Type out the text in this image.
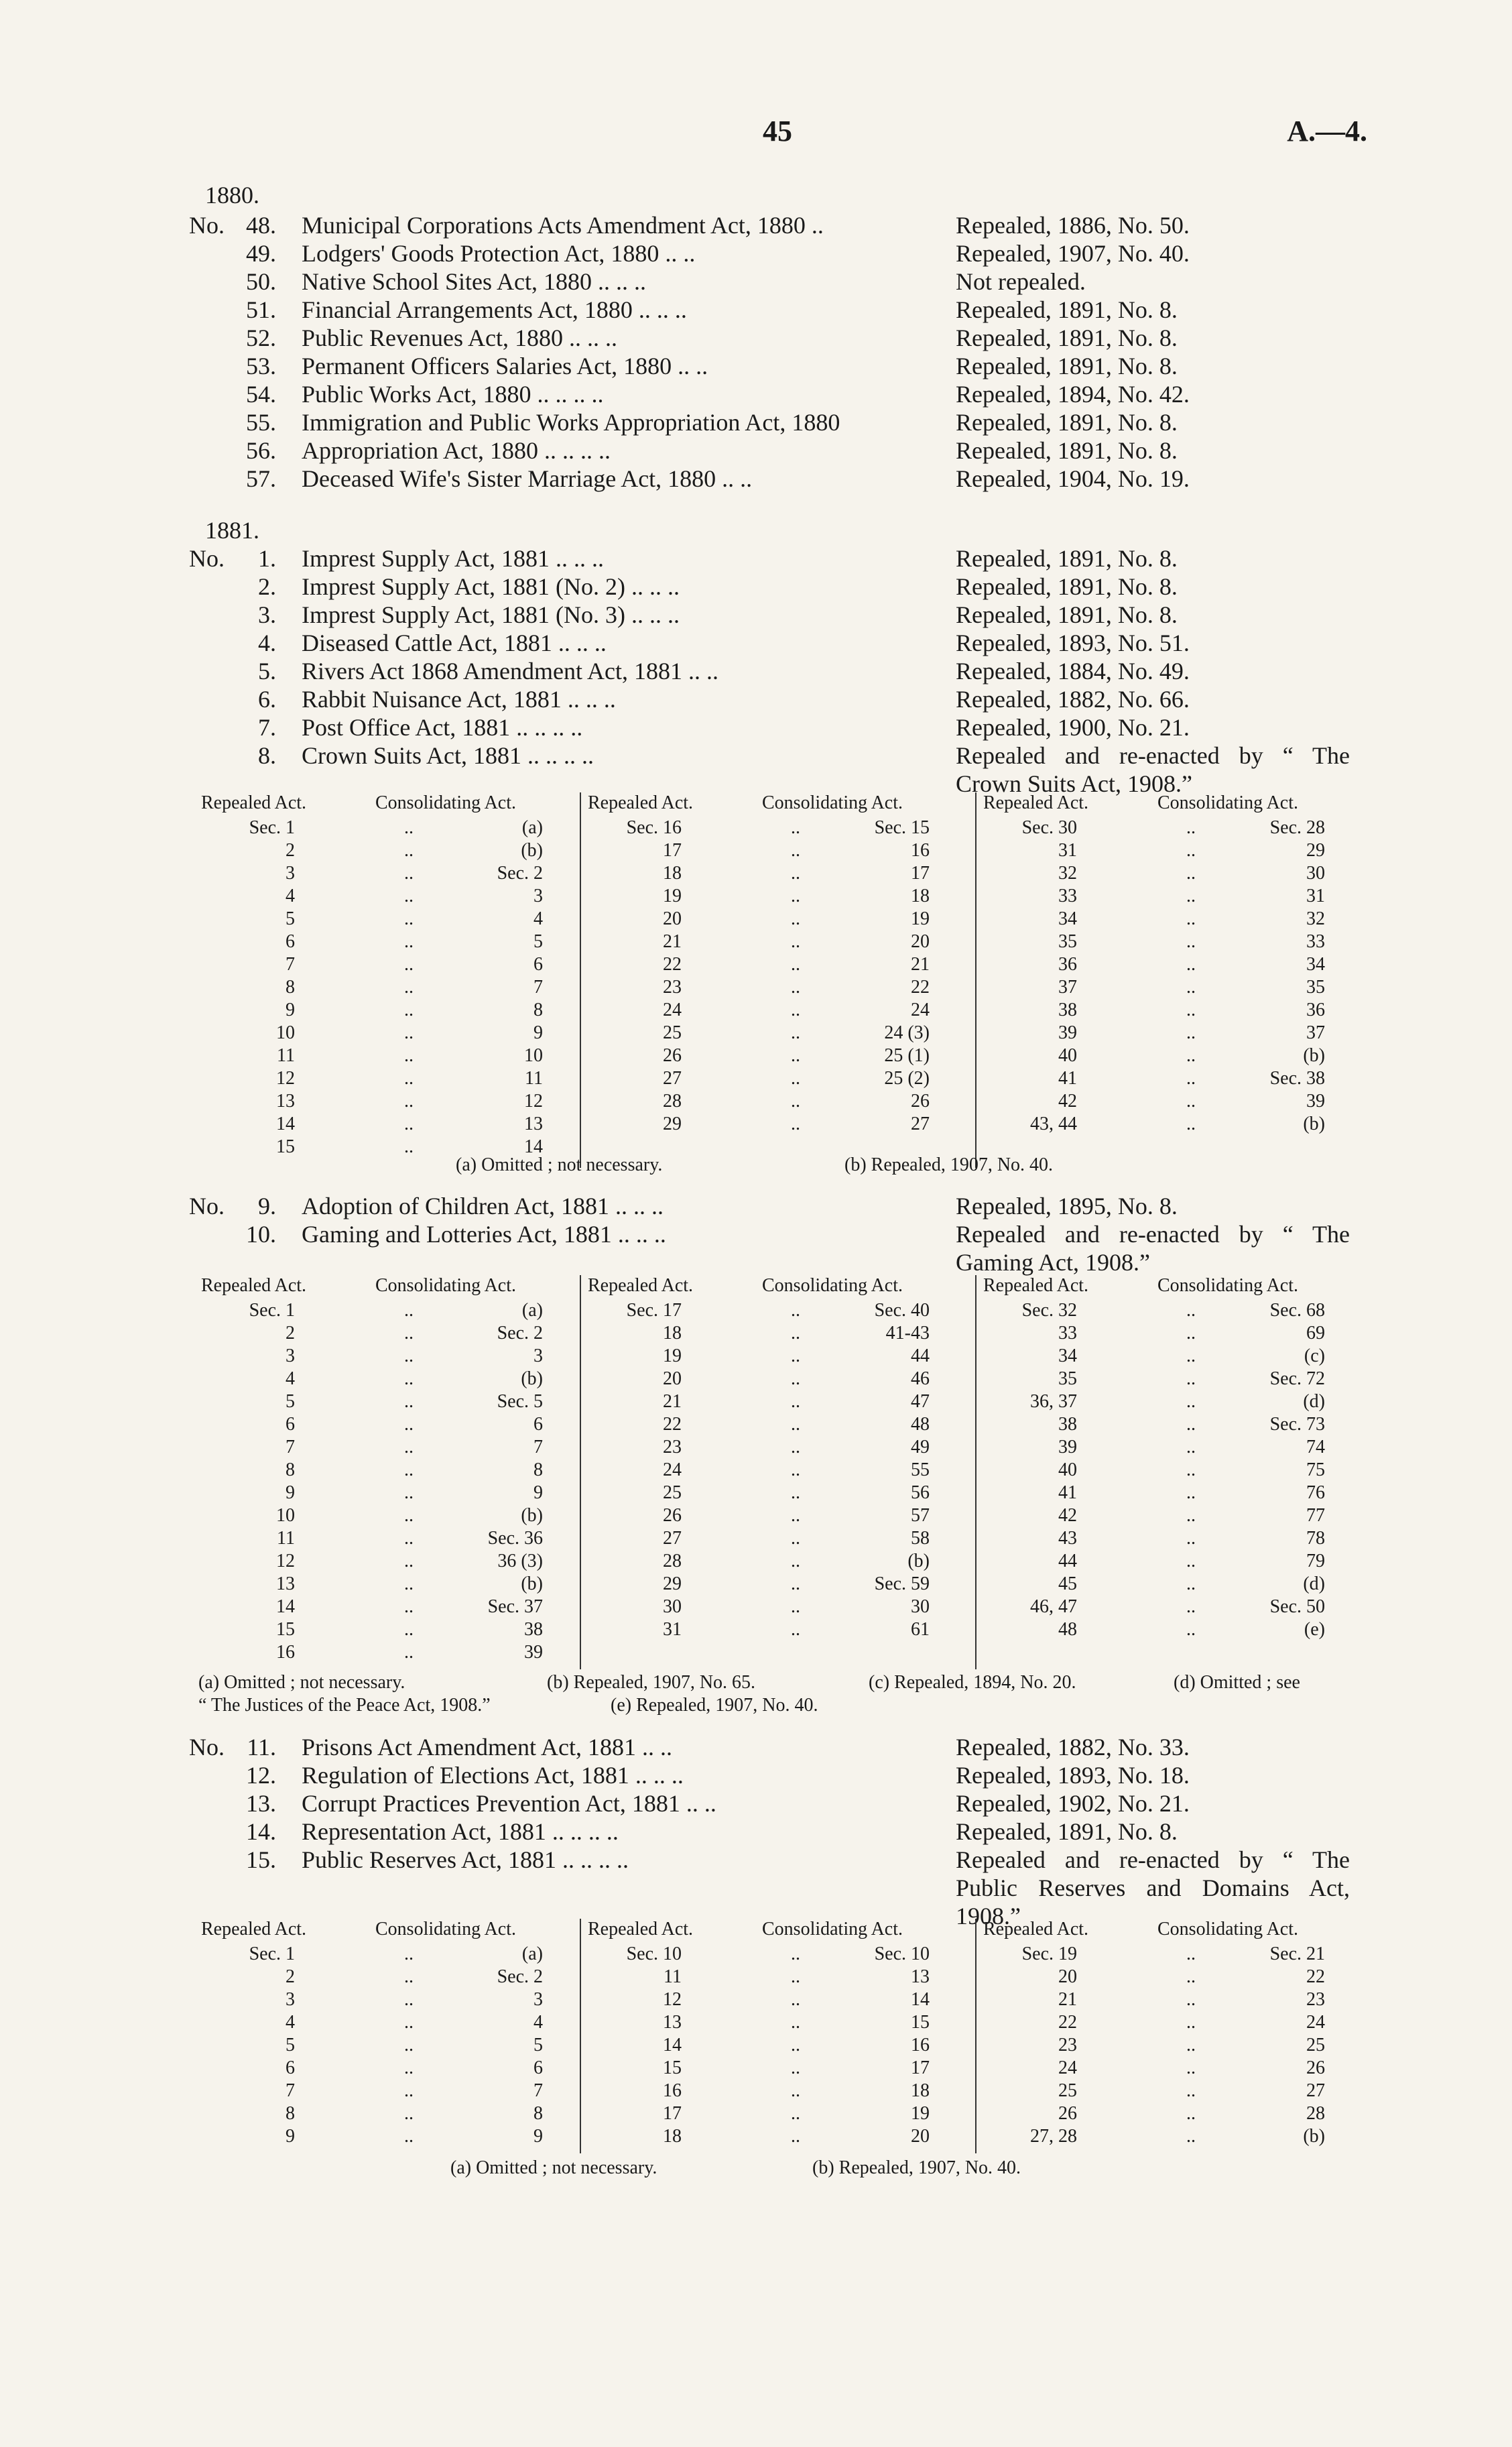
45	A.—4.
1880.
No. 48. Municipal Corporations Acts Amendment Act, 1880 ..	Repealed, 1886, No. 50.
49. Lodgers' Goods Protection Act, 1880 .. ..	Repealed, 1907, No. 40.
50. Native School Sites Act, 1880 .. .. ..	Not repealed.
51. Financial Arrangements Act, 1880 .. .. ..	Repealed, 1891, No. 8.
52. Public Revenues Act, 1880 .. .. ..	Repealed, 1891, No. 8.
53. Permanent Officers Salaries Act, 1880 .. ..	Repealed, 1891, No. 8.
54. Public Works Act, 1880 .. .. .. ..	Repealed, 1894, No. 42.
55. Immigration and Public Works Appropriation Act, 1880	Repealed, 1891, No. 8.
56. Appropriation Act, 1880 .. .. .. ..	Repealed, 1891, No. 8.
57. Deceased Wife's Sister Marriage Act, 1880 .. ..	Repealed, 1904, No. 19.
1881.
No.	1. Imprest Supply Act, 1881 .. .. ..	Repealed, 1891, No. 8.
2. Imprest Supply Act, 1881 (No. 2) .. .. ..	Repealed, 1891, No. 8.
3. Imprest Supply Act, 1881 (No. 3) .. .. ..	Repealed, 1891, No. 8.
4. Diseased Cattle Act, 1881 .. .. ..	Repealed, 1893, No. 51.
5. Rivers Act 1868 Amendment Act, 1881 .. ..	Repealed, 1884, No. 49.
6. Rabbit Nuisance Act, 1881 .. .. ..	Repealed, 1882, No. 66.
7. Post Office Act, 1881 .. .. .. ..	Repealed, 1900, No. 21.
8. Crown Suits Act, 1881 .. .. .. ..	Repealed and re-enacted by “ The Crown Suits Act, 1908.”
Repealed Act.	Consolidating Act.
Sec. 1	..	(a)
2	..	(b)
3	..	Sec. 2
4	..	3
5	..	4
6	..	5
7	..	6
8	..	7
9	..	8
10	..	9
11	..	10
12	..	11
13	..	12
14	..	13
15	..	14
Repealed Act.	Consolidating Act.
Sec. 16	..	Sec. 15
17	..	16
18	..	17
19	..	18
20	..	19
21	..	20
22	..	21
23	..	22
24	..	24
25	..	24 (3)
26	..	25 (1)
27	..	25 (2)
28	..	26
29	..	27
Repealed Act.	Consolidating Act.
Sec. 30	..	Sec. 28
31	..	29
32	..	30
33	..	31
34	..	32
35	..	33
36	..	34
37	..	35
38	..	36
39	..	37
40	..	(b)
41	..	Sec. 38
42	..	39
43, 44	..	(b)
(a) Omitted ; not necessary.	(b) Repealed, 1907, No. 40.
No.	9. Adoption of Children Act, 1881 .. .. ..	Repealed, 1895, No. 8.
10. Gaming and Lotteries Act, 1881 .. .. ..	Repealed and re-enacted by “ The Gaming Act, 1908.”
Repealed Act.	Consolidating Act.
Sec. 1	..	(a)
2	..	Sec. 2
3	..	3
4	..	(b)
5	..	Sec. 5
6	..	6
7	..	7
8	..	8
9	..	9
10	..	(b)
11	..	Sec. 36
12	..	36 (3)
13	..	(b)
14	..	Sec. 37
15	..	38
16	..	39
Repealed Act.	Consolidating Act.
Sec. 17	..	Sec. 40
18	..	41-43
19	..	44
20	..	46
21	..	47
22	..	48
23	..	49
24	..	55
25	..	56
26	..	57
27	..	58
28	..	(b)
29	..	Sec. 59
30	..	30
31	..	61
Repealed Act.	Consolidating Act.
Sec. 32	..	Sec. 68
33	..	69
34	..	(c)
35	..	Sec. 72
36, 37	..	(d)
38	..	Sec. 73
39	..	74
40	..	75
41	..	76
42	..	77
43	..	78
44	..	79
45	..	(d)
46, 47	..	Sec. 50
48	..	(e)
(a) Omitted ; not necessary.	(b) Repealed, 1907, No. 65.	(c) Repealed, 1894, No. 20.	(d) Omitted ; see
“ The Justices of the Peace Act, 1908.”	(e) Repealed, 1907, No. 40.
No. 11. Prisons Act Amendment Act, 1881 .. ..	Repealed, 1882, No. 33.
12. Regulation of Elections Act, 1881 .. .. ..	Repealed, 1893, No. 18.
13. Corrupt Practices Prevention Act, 1881 .. ..	Repealed, 1902, No. 21.
14. Representation Act, 1881 .. .. .. ..	Repealed, 1891, No. 8.
15. Public Reserves Act, 1881 .. .. .. ..	Repealed and re-enacted by “ The Public Reserves and Domains Act, 1908.”
Repealed Act.	Consolidating Act.
Sec. 1	..	(a)
2	..	Sec. 2
3	..	3
4	..	4
5	..	5
6	..	6
7	..	7
8	..	8
9	..	9
Repealed Act.	Consolidating Act.
Sec. 10	..	Sec. 10
11	..	13
12	..	14
13	..	15
14	..	16
15	..	17
16	..	18
17	..	19
18	..	20
Repealed Act.	Consolidating Act.
Sec. 19	..	Sec. 21
20	..	22
21	..	23
22	..	24
23	..	25
24	..	26
25	..	27
26	..	28
27, 28	..	(b)
(a) Omitted ; not necessary.	(b) Repealed, 1907, No. 40.
